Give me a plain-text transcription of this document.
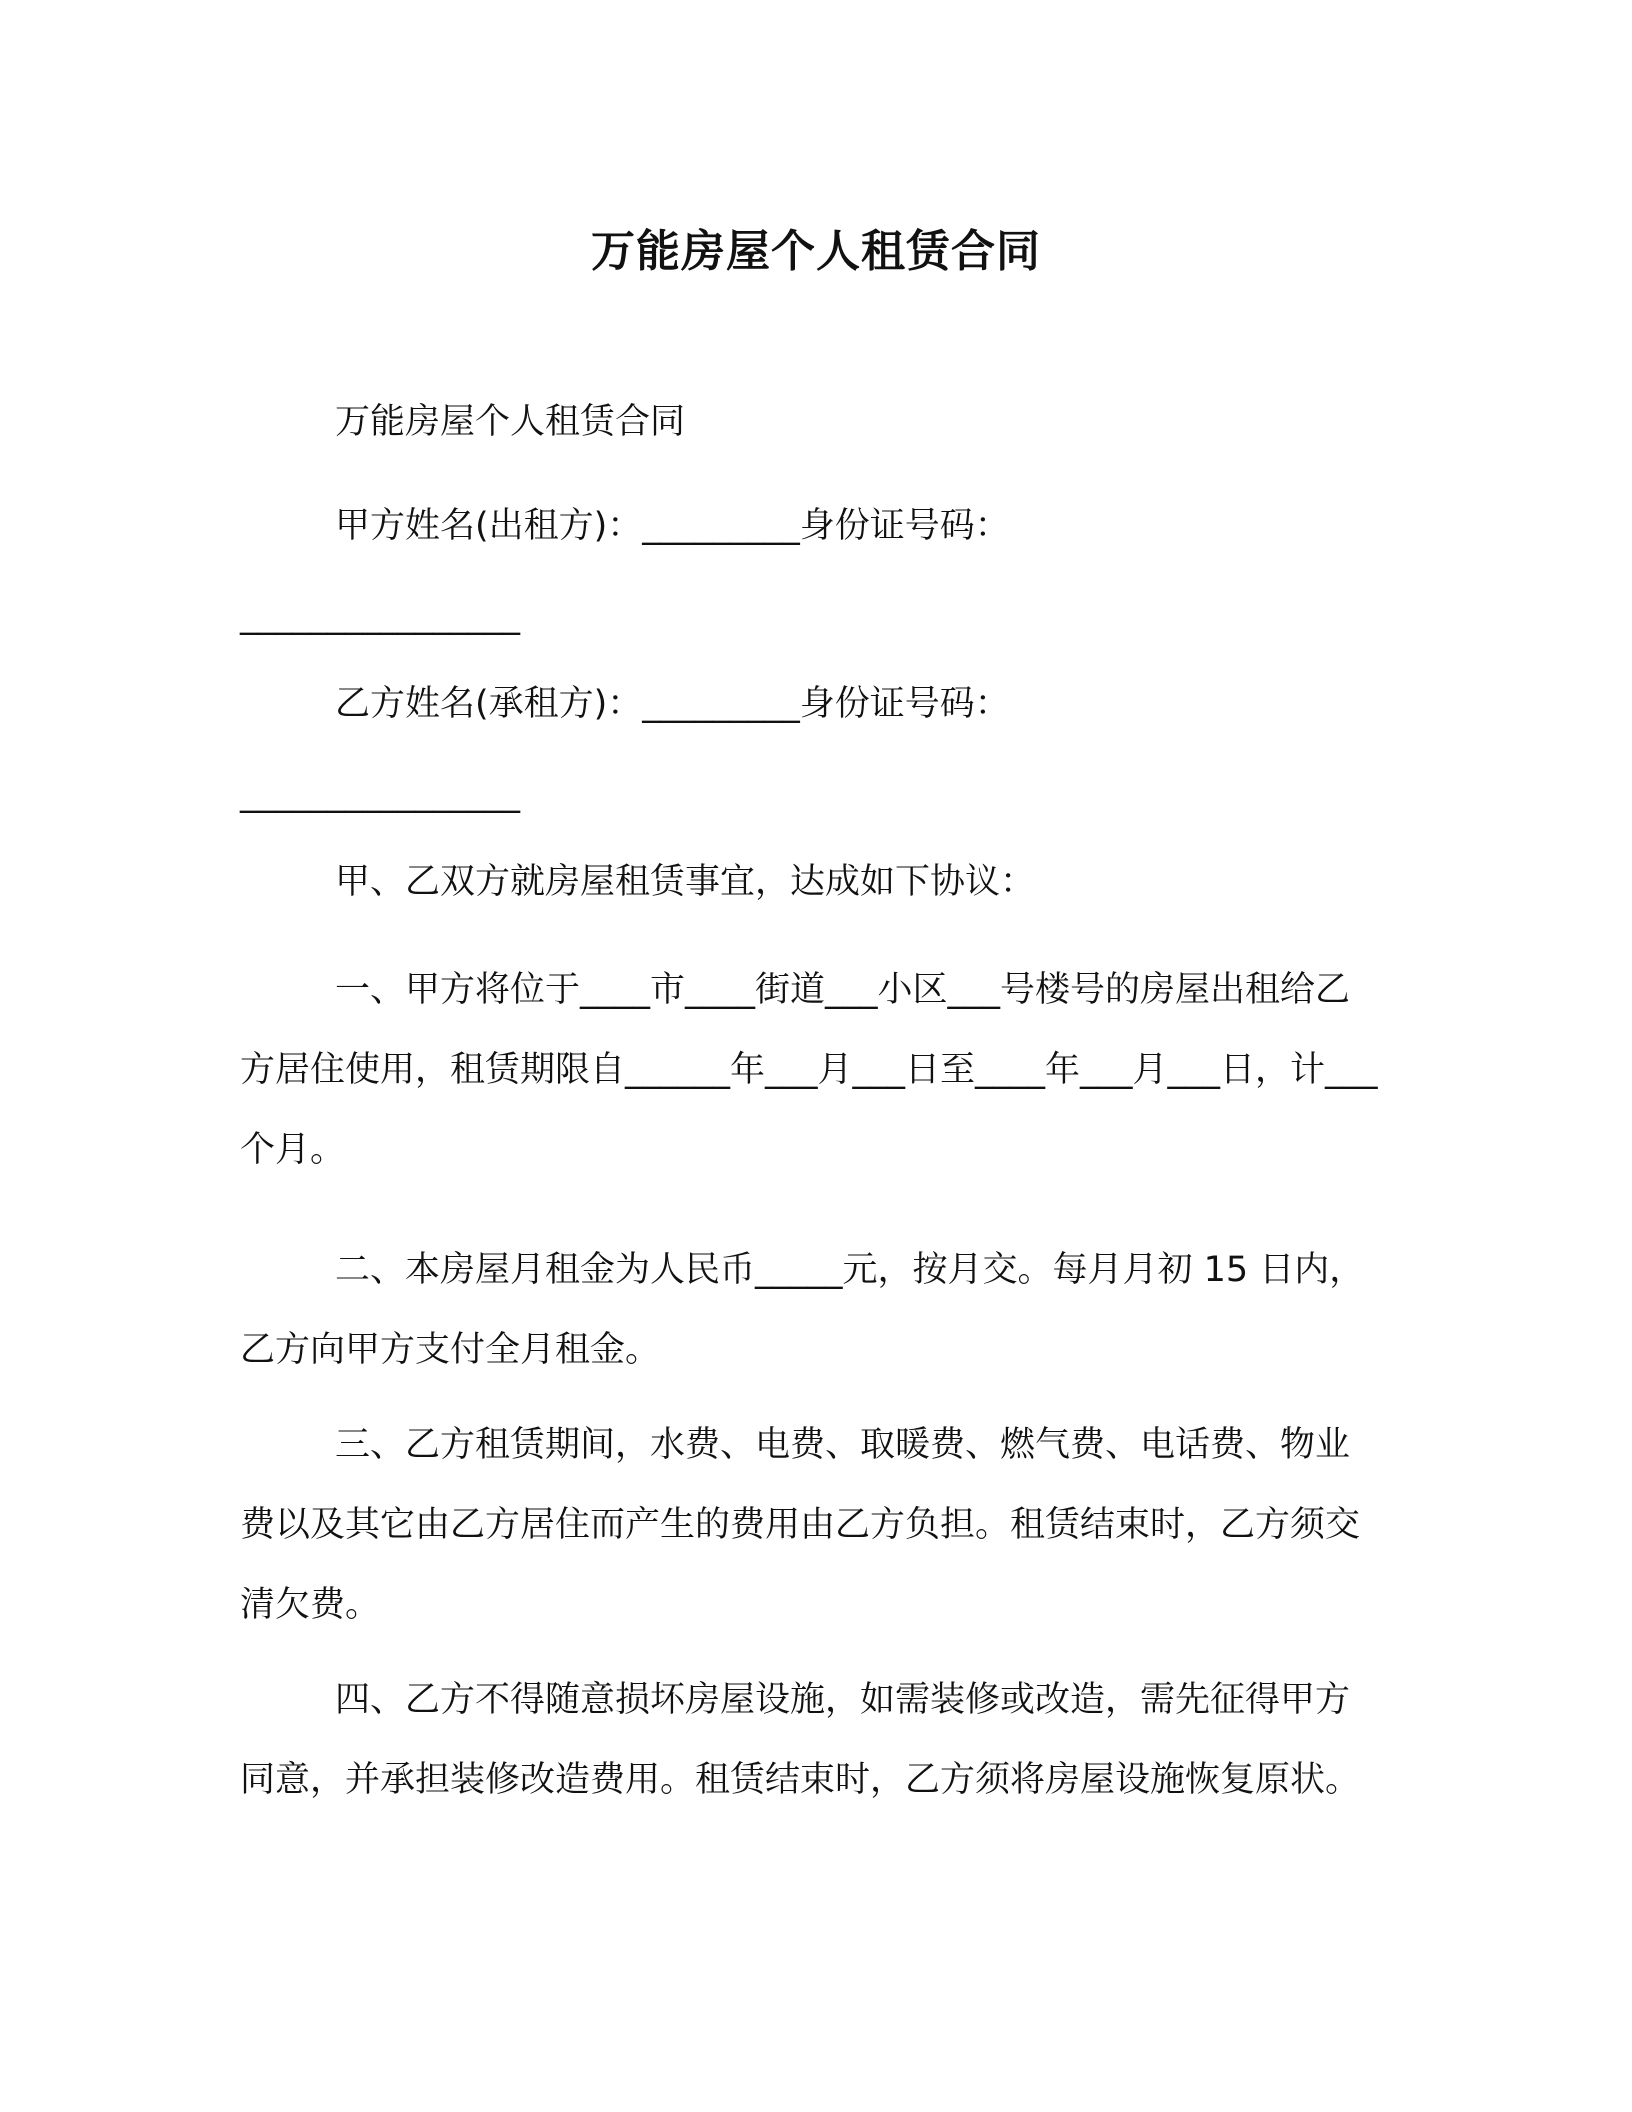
万能房屋个人租赁合同

万能房屋个人租赁合同

甲方姓名(出租方)：_________身份证号码：

________________

乙方姓名(承租方)：_________身份证号码：

________________

甲、乙双方就房屋租赁事宜，达成如下协议：

一、甲方将位于____市____街道___小区___号楼号的房屋出租给乙方居住使用，租赁期限自______年___月___日至____年___月___日，计___个月。

二、本房屋月租金为人民币_____元，按月交。每月月初 15 日内，乙方向甲方支付全月租金。

三、乙方租赁期间，水费、电费、取暖费、燃气费、电话费、物业费以及其它由乙方居住而产生的费用由乙方负担。租赁结束时，乙方须交清欠费。

四、乙方不得随意损坏房屋设施，如需装修或改造，需先征得甲方同意，并承担装修改造费用。租赁结束时，乙方须将房屋设施恢复原状。
